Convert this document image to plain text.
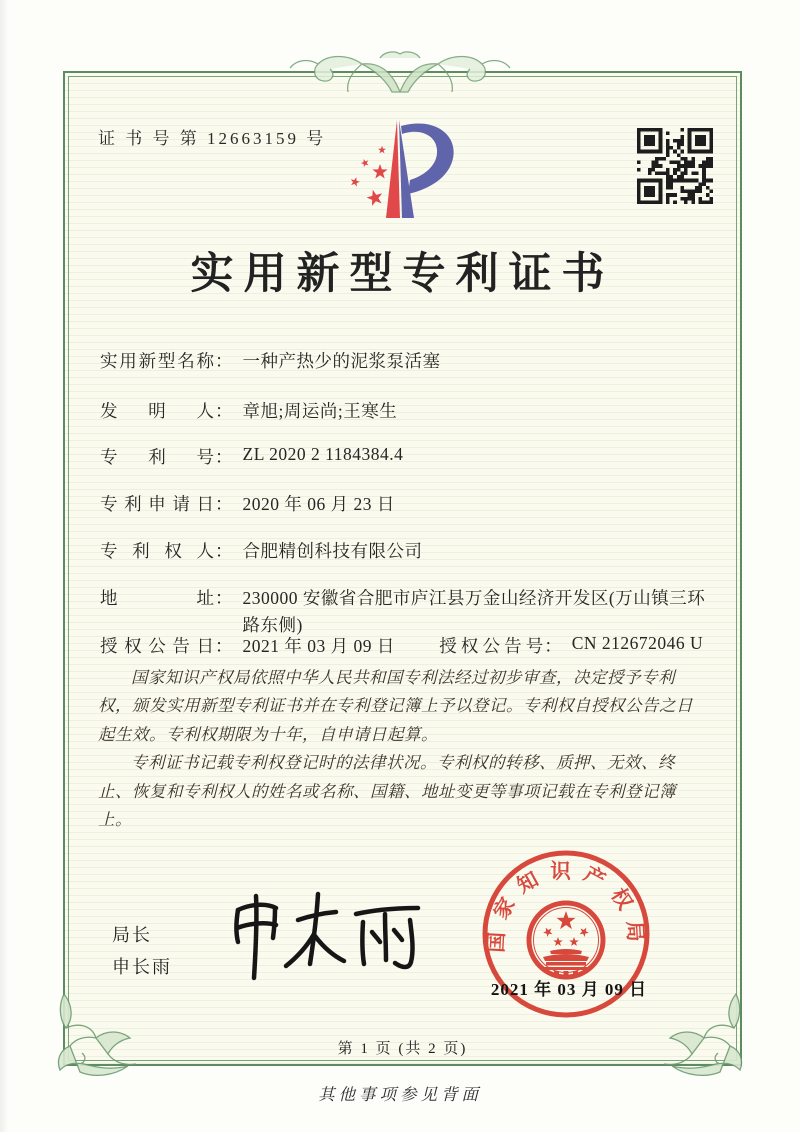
证 书 号 第 12663159 号
实用新型专利证书
实用新型名称： 一种产热少的泥浆泵活塞
发明人： 章旭;周运尚;王寒生
专利号： ZL 2020 2 1184384.4
专利申请日： 2020 年 06 月 23 日
专利权人： 合肥精创科技有限公司
地址： 230000 安徽省合肥市庐江县万金山经济开发区(万山镇三环路东侧)
授权公告日： 2021 年 03 月 09 日	授权公告号： CN 212672046 U

国家知识产权局依照中华人民共和国专利法经过初步审查，决定授予专利权，颁发实用新型专利证书并在专利登记簿上予以登记。专利权自授权公告之日起生效。专利权期限为十年，自申请日起算。

专利证书记载专利权登记时的法律状况。专利权的转移、质押、无效、终止、恢复和专利权人的姓名或名称、国籍、地址变更等事项记载在专利登记簿上。

局长
申长雨
国家知识产权局
2021 年 03 月 09 日
第 1 页 (共 2 页)
其他事项参见背面
